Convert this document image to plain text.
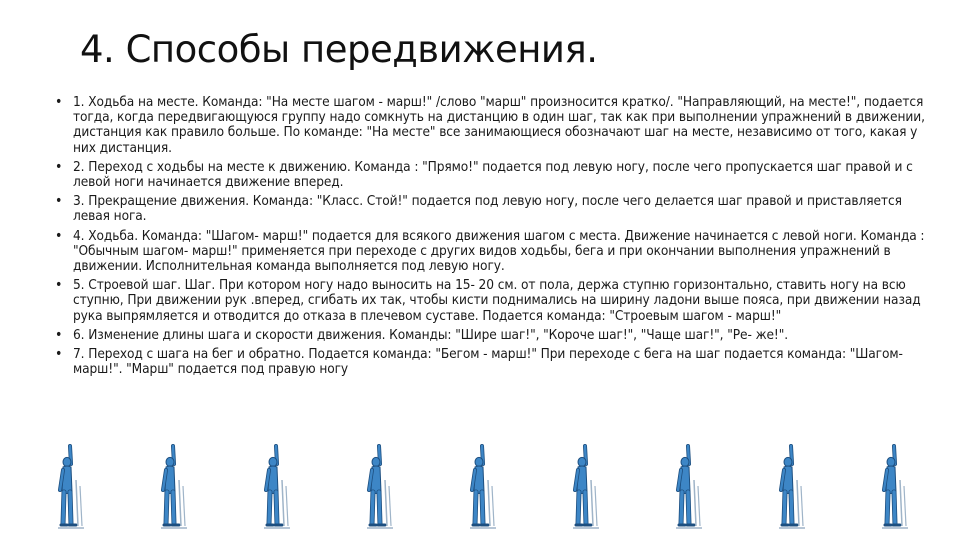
4. Способы передвижения.
• 1. Ходьба на месте. Команда: "На месте шагом - марш!" /слово "марш" произносится кратко/. "Направляющий, на месте!", подается тогда, когда передвигающуюся группу надо сомкнуть на дистанцию в один шаг, так как при выполнении упражнений в движении, дистанция как правило больше. По команде: "На месте" все занимающиеся обозначают шаг на месте, независимо от того, какая у них дистанция.
• 2. Переход с ходьбы на месте к движению. Команда : "Прямо!" подается под левую ногу, после чего пропускается шаг правой и с левой ноги начинается движение вперед.
• 3. Прекращение движения. Команда: "Класс. Стой!" подается под левую ногу, после чего делается шаг правой и приставляется левая нога.
• 4. Ходьба. Команда: "Шагом- марш!" подается для всякого движения шагом с места. Движение начинается с левой ноги. Команда : "Обычным шагом- марш!" применяется при переходе с других видов ходьбы, бега и при окончании выполнения упражнений в движении. Исполнительная команда выполняется под левую ногу.
• 5. Строевой шаг. Шаг. При котором ногу надо выносить на 15- 20 см. от пола, держа ступню горизонтально, ставить ногу на всю ступню, При движении рук .вперед, сгибать их так, чтобы кисти поднимались на ширину ладони выше пояса, при движении назад рука выпрямляется и отводится до отказа в плечевом суставе. Подается команда: "Строевым шагом - марш!"
• 6. Изменение длины шага и скорости движения. Команды: "Шире шаг!", "Короче шаг!", "Чаще шаг!", "Ре- же!".
• 7. Переход с шага на бег и обратно. Подается команда: "Бегом - марш!" При переходе с бега на шаг подается команда: "Шагом- марш!". "Марш" подается под правую ногу
